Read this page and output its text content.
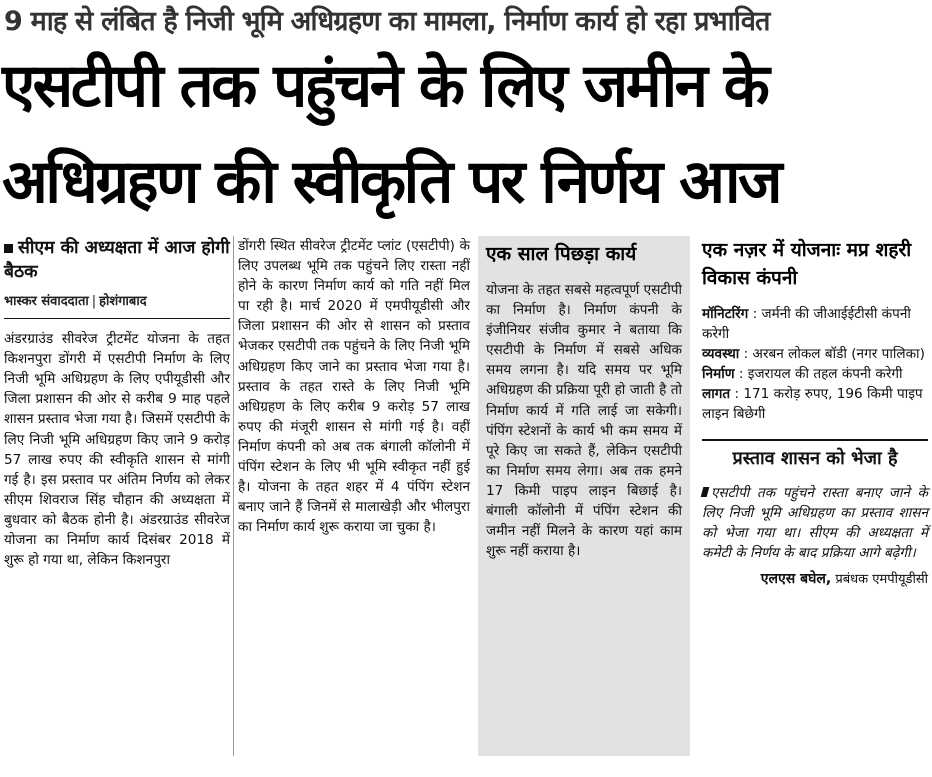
9 माह से लंबित है निजी भूमि अधिग्रहण का मामला, निर्माण कार्य हो रहा प्रभावित
एसटीपी तक पहुंचने के लिए जमीन के
अधिग्रहण की स्वीकृति पर निर्णय आज
सीएम की अध्यक्षता में आज होगी बैठक
भास्कर संवाददाता | होशंगाबाद

अंडरग्राउंड सीवरेज ट्रीटमेंट योजना के तहत किशनपुरा डोंगरी में एसटीपी निर्माण के लिए निजी भूमि अधिग्रहण के लिए एपीयूडीसी और जिला प्रशासन की ओर से करीब 9 माह पहले शासन प्रस्ताव भेजा गया है। जिसमें एसटीपी के लिए निजी भूमि अधिग्रहण किए जाने 9 करोड़ 57 लाख रुपए की स्वीकृति शासन से मांगी गई है। इस प्रस्ताव पर अंतिम निर्णय को लेकर सीएम शिवराज सिंह चौहान की अध्यक्षता में बुधवार को बैठक होनी है। अंडरग्राउंड सीवरेज योजना का निर्माण कार्य दिसंबर 2018 में शुरू हो गया था, लेकिन किशनपुरा

डोंगरी स्थित सीवरेज ट्रीटमेंट प्लांट (एसटीपी) के लिए उपलब्ध भूमि तक पहुंचने लिए रास्ता नहीं होने के कारण निर्माण कार्य को गति नहीं मिल पा रही है। मार्च 2020 में एमपीयूडीसी और जिला प्रशासन की ओर से शासन को प्रस्ताव भेजकर एसटीपी तक पहुंचने के लिए निजी भूमि अधिग्रहण किए जाने का प्रस्ताव भेजा गया है। प्रस्ताव के तहत रास्ते के लिए निजी भूमि अधिग्रहण के लिए करीब 9 करोड़ 57 लाख रुपए की मंजूरी शासन से मांगी गई है। वहीं निर्माण कंपनी को अब तक बंगाली कॉलोनी में पंपिंग स्टेशन के लिए भी भूमि स्वीकृत नहीं हुई है। योजना के तहत शहर में 4 पंपिंग स्टेशन बनाए जाने हैं जिनमें से मालाखेड़ी और भीलपुरा का निर्माण कार्य शुरू कराया जा चुका है।

एक साल पिछड़ा कार्य

योजना के तहत सबसे महत्वपूर्ण एसटीपी का निर्माण है। निर्माण कंपनी के इंजीनियर संजीव कुमार ने बताया कि एसटीपी के निर्माण में सबसे अधिक समय लगना है। यदि समय पर भूमि अधिग्रहण की प्रक्रिया पूरी हो जाती है तो निर्माण कार्य में गति लाई जा सकेगी। पंपिंग स्टेशनों के कार्य भी कम समय में पूरे किए जा सकते हैं, लेकिन एसटीपी का निर्माण समय लेगा। अब तक हमने 17 किमी पाइप लाइन बिछाई है। बंगाली कॉलोनी में पंपिंग स्टेशन की जमीन नहीं मिलने के कारण यहां काम शुरू नहीं कराया है।

एक नज़र में योजनाः मप्र शहरी विकास कंपनी
मॉनिटरिंग : जर्मनी की जीआईईटीसी कंपनी करेगी
व्यवस्था : अरबन लोकल बॉडी (नगर पालिका)
निर्माण : इजरायल की तहल कंपनी करेगी
लागत : 171 करोड़ रुपए, 196 किमी पाइप लाइन बिछेगी
प्रस्ताव शासन को भेजा है

एसटीपी तक पहुंचने रास्ता बनाए जाने के लिए निजी भूमि अधिग्रहण का प्रस्ताव शासन को भेजा गया था। सीएम की अध्यक्षता में कमेटी के निर्णय के बाद प्रक्रिया आगे बढ़ेगी।

एलएस बघेल, प्रबंधक एमपीयूडीसी
